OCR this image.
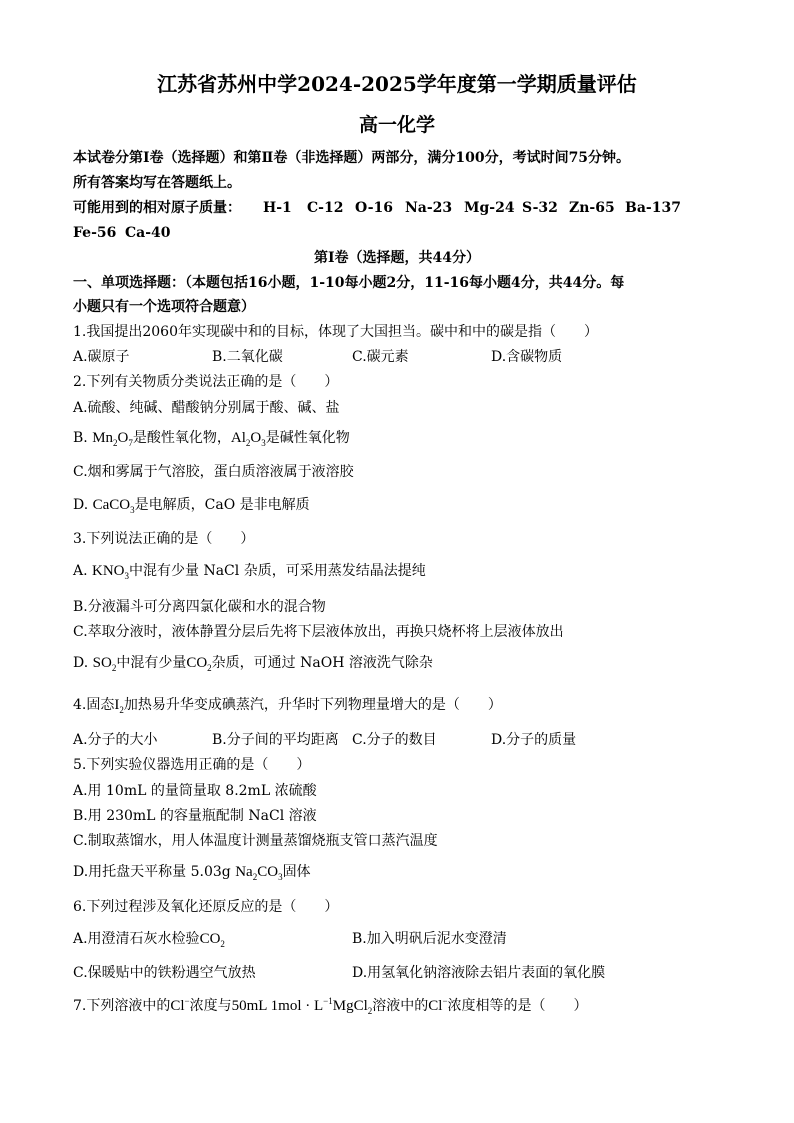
江苏省苏州中学2024-2025学年度第一学期质量评估
高一化学
本试卷分第Ⅰ卷（选择题）和第Ⅱ卷（非选择题）两部分，满分100分，考试时间75分钟。
所有答案均写在答题纸上。
可能用到的相对原子质量： H-1 C-12 O-16 Na-23 Mg-24 S-32 Zn-65 Ba-137
Fe-56 Ca-40
第Ⅰ卷（选择题，共44分）
一、单项选择题：（本题包括16小题，1-10每小题2分，11-16每小题4分，共44分。每
小题只有一个选项符合题意）
1.我国提出2060年实现碳中和的目标，体现了大国担当。碳中和中的碳是指（　　）
A.碳原子	B.二氧化碳	C.碳元素	D.含碳物质
2.下列有关物质分类说法正确的是（　　）
A.硫酸、纯碱、醋酸钠分别属于酸、碱、盐
B. $Mn_2O_7$是酸性氧化物，$Al_2O_3$是碱性氧化物
C.烟和雾属于气溶胶，蛋白质溶液属于液溶胶
D. CaCO$_3$是电解质，CaO 是非电解质
3.下列说法正确的是（　　）
A. $KNO_3$中混有少量 NaCl 杂质，可采用蒸发结晶法提纯
B.分液漏斗可分离四氯化碳和水的混合物
C.萃取分液时，液体静置分层后先将下层液体放出，再换只烧杯将上层液体放出
D. $SO_2$中混有少量$CO_2$杂质，可通过 NaOH 溶液洗气除杂
4.固态$I_2$加热易升华变成碘蒸汽，升华时下列物理量增大的是（　　）
A.分子的大小	B.分子间的平均距离 C.分子的数目	D.分子的质量
5.下列实验仪器选用正确的是（　　）
A.用 10mL 的量筒量取 8.2mL 浓硫酸
B.用 230mL 的容量瓶配制 NaCl 溶液
C.制取蒸馏水，用人体温度计测量蒸馏烧瓶支管口蒸汽温度
D.用托盘天平称量 5.03g $Na_2CO_3$固体
6.下列过程涉及氧化还原反应的是（　　）
A.用澄清石灰水检验$CO_2$	B.加入明矾后泥水变澄清
C.保暖贴中的铁粉遇空气放热	D.用氢氧化钠溶液除去铝片表面的氧化膜
7.下列溶液中的Cl−浓度与50mL $1mol \cdot L^{-1}MgCl_2$溶液中的Cl−浓度相等的是（　　）
